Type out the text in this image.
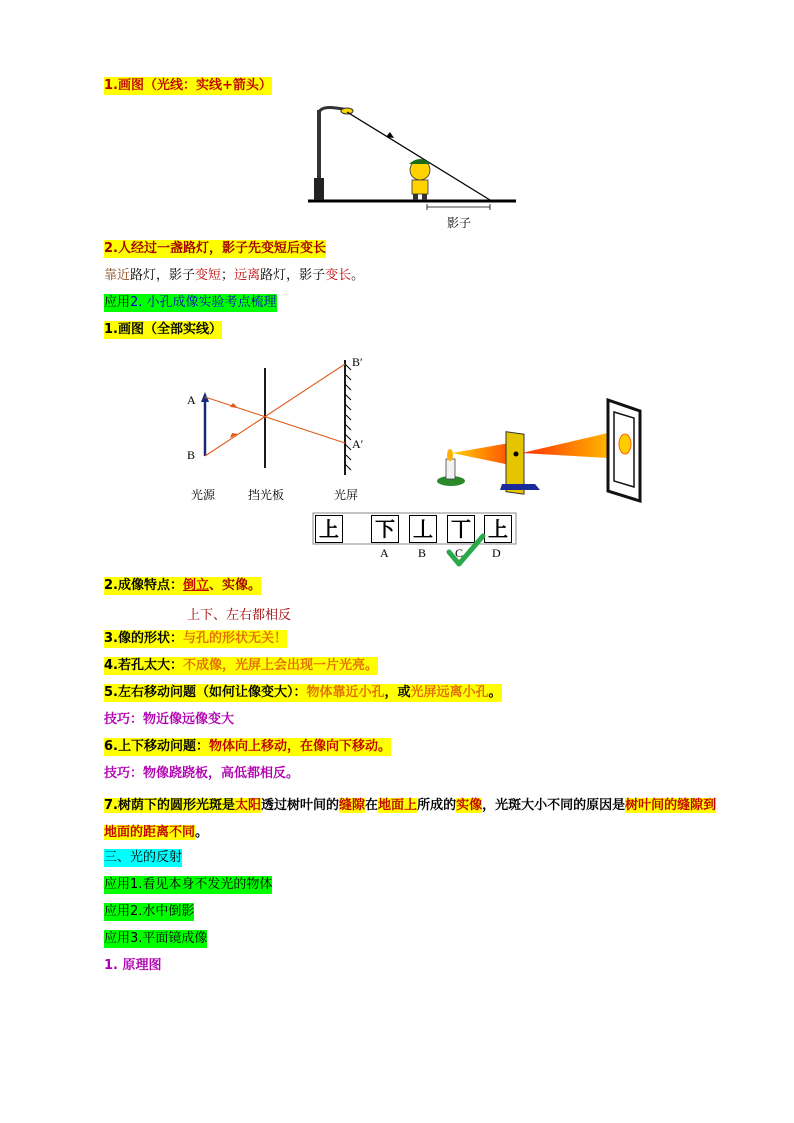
1.画图（光线：实线+箭头）
影子
2.人经过一盏路灯，影子先变短后变长
靠近路灯，影子变短；远离路灯，影子变长。
应用2. 小孔成像实验考点梳理
1.画图（全部实线）
A
B
B′
A′
光源	挡光板	光屏
上 下 丄 丅 上
A B C D
2.成像特点：倒立、实像。
上下、左右都相反
3.像的形状：与孔的形状无关！
4.若孔太大：不成像，光屏上会出现一片光亮。
5.左右移动问题（如何让像变大）：物体靠近小孔，或光屏远离小孔。
技巧：物近像远像变大
6.上下移动问题：物体向上移动，在像向下移动。
技巧：物像跷跷板，高低都相反。
7.树荫下的圆形光斑是太阳透过树叶间的缝隙在地面上所成的实像，光斑大小不同的原因是树叶间的缝隙到地面的距离不同。
三、光的反射
应用1.看见本身不发光的物体
应用2.水中倒影
应用3.平面镜成像
1. 原理图
